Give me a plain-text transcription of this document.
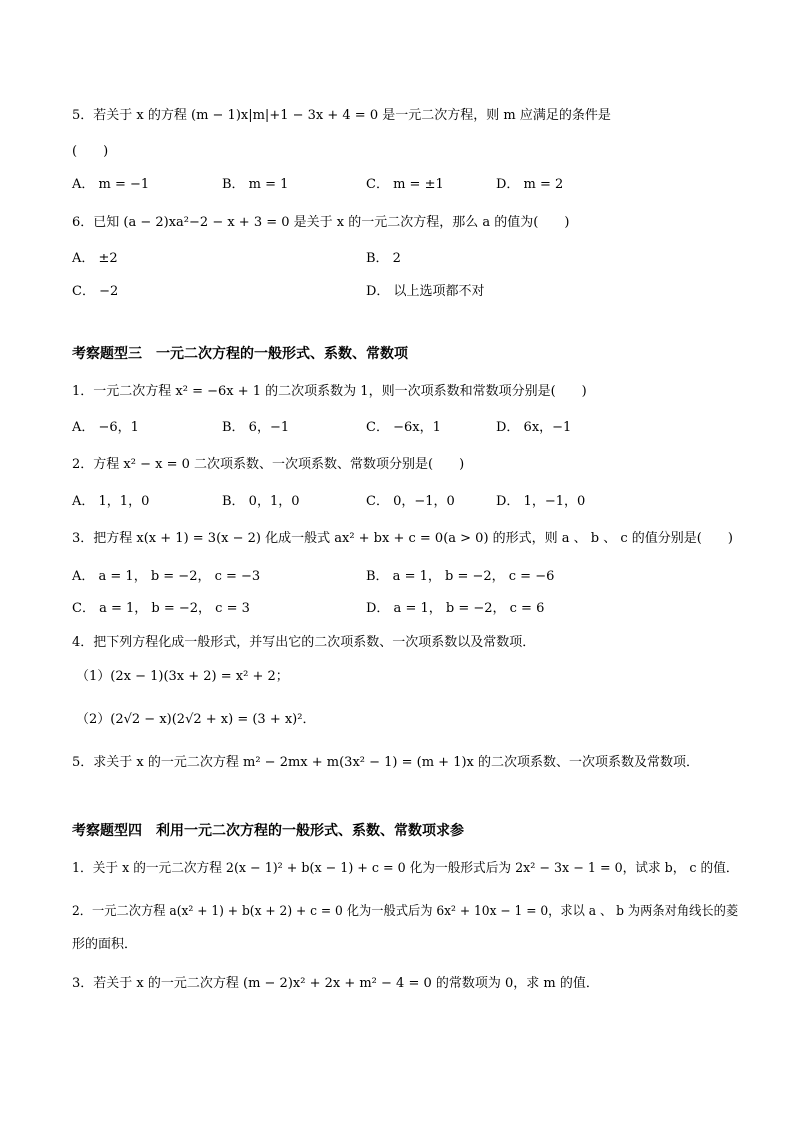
5．若关于 x 的方程 (m − 1)x|m|+1 − 3x + 4 = 0 是一元二次方程，则 m 应满足的条件是
(　　)
A． m = −1	B． m = 1	C． m = ±1	D． m = 2
6．已知 (a − 2)xa²−2 − x + 3 = 0 是关于 x 的一元二次方程，那么 a 的值为(　　)
A． ±2	B． 2
C． −2	D． 以上选项都不对
考察题型三　一元二次方程的一般形式、系数、常数项
1．一元二次方程 x² = −6x + 1 的二次项系数为 1，则一次项系数和常数项分别是(　　)
A． −6，1	B． 6，−1	C． −6x，1	D． 6x，−1
2．方程 x² − x = 0 二次项系数、一次项系数、常数项分别是(　　)
A． 1，1，0	B． 0，1，0	C． 0，−1，0	D． 1，−1，0
3．把方程 x(x + 1) = 3(x − 2) 化成一般式 ax² + bx + c = 0(a > 0) 的形式，则 a 、 b 、 c 的值分别是(　　)
A． a = 1， b = −2， c = −3	B． a = 1， b = −2， c = −6
C． a = 1， b = −2， c = 3	D． a = 1， b = −2， c = 6
4．把下列方程化成一般形式，并写出它的二次项系数、一次项系数以及常数项．
（1）(2x − 1)(3x + 2) = x² + 2；
（2）(2√2 − x)(2√2 + x) = (3 + x)²．
5．求关于 x 的一元二次方程 m² − 2mx + m(3x² − 1) = (m + 1)x 的二次项系数、一次项系数及常数项．
考察题型四　利用一元二次方程的一般形式、系数、常数项求参
1．关于 x 的一元二次方程 2(x − 1)² + b(x − 1) + c = 0 化为一般形式后为 2x² − 3x − 1 = 0，试求 b， c 的值．
2．一元二次方程 a(x² + 1) + b(x + 2) + c = 0 化为一般式后为 6x² + 10x − 1 = 0，求以 a 、 b 为两条对角线长的菱
形的面积．
3．若关于 x 的一元二次方程 (m − 2)x² + 2x + m² − 4 = 0 的常数项为 0，求 m 的值．
